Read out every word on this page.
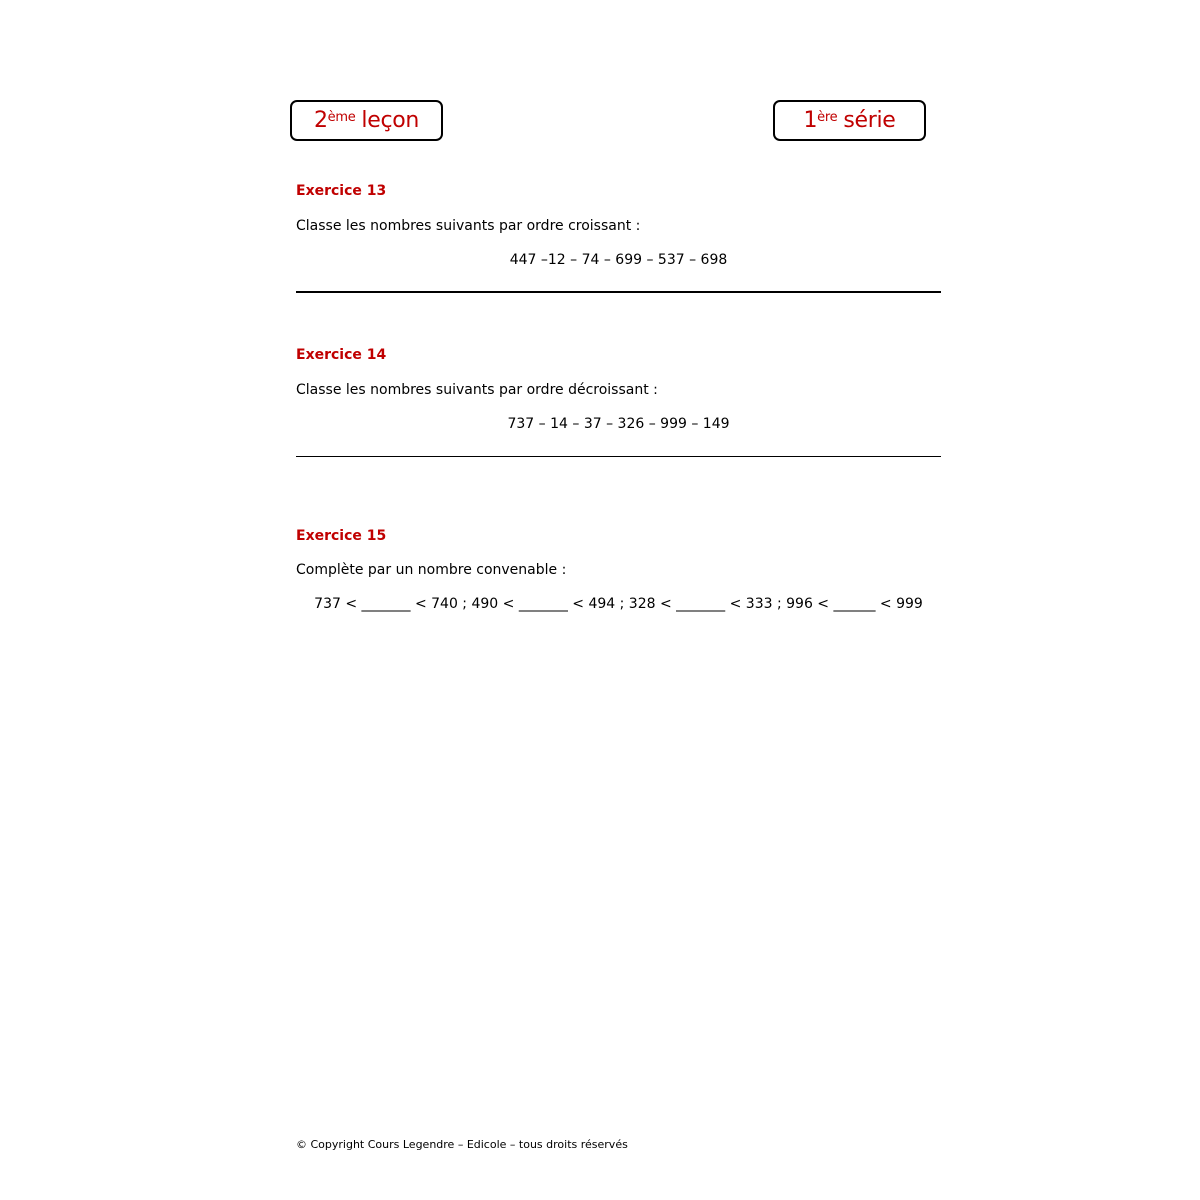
2ème leçon	1ère série
Exercice 13
Classe les nombres suivants par ordre croissant :
447 –12 – 74 – 699 – 537 – 698
Exercice 14
Classe les nombres suivants par ordre décroissant :
737 – 14 – 37 – 326 – 999 – 149
Exercice 15
Complète par un nombre convenable :
737 < _______ < 740 ; 490 < _______ < 494 ; 328 < _______ < 333 ; 996 < ______ < 999
© Copyright Cours Legendre – Edicole – tous droits réservés
